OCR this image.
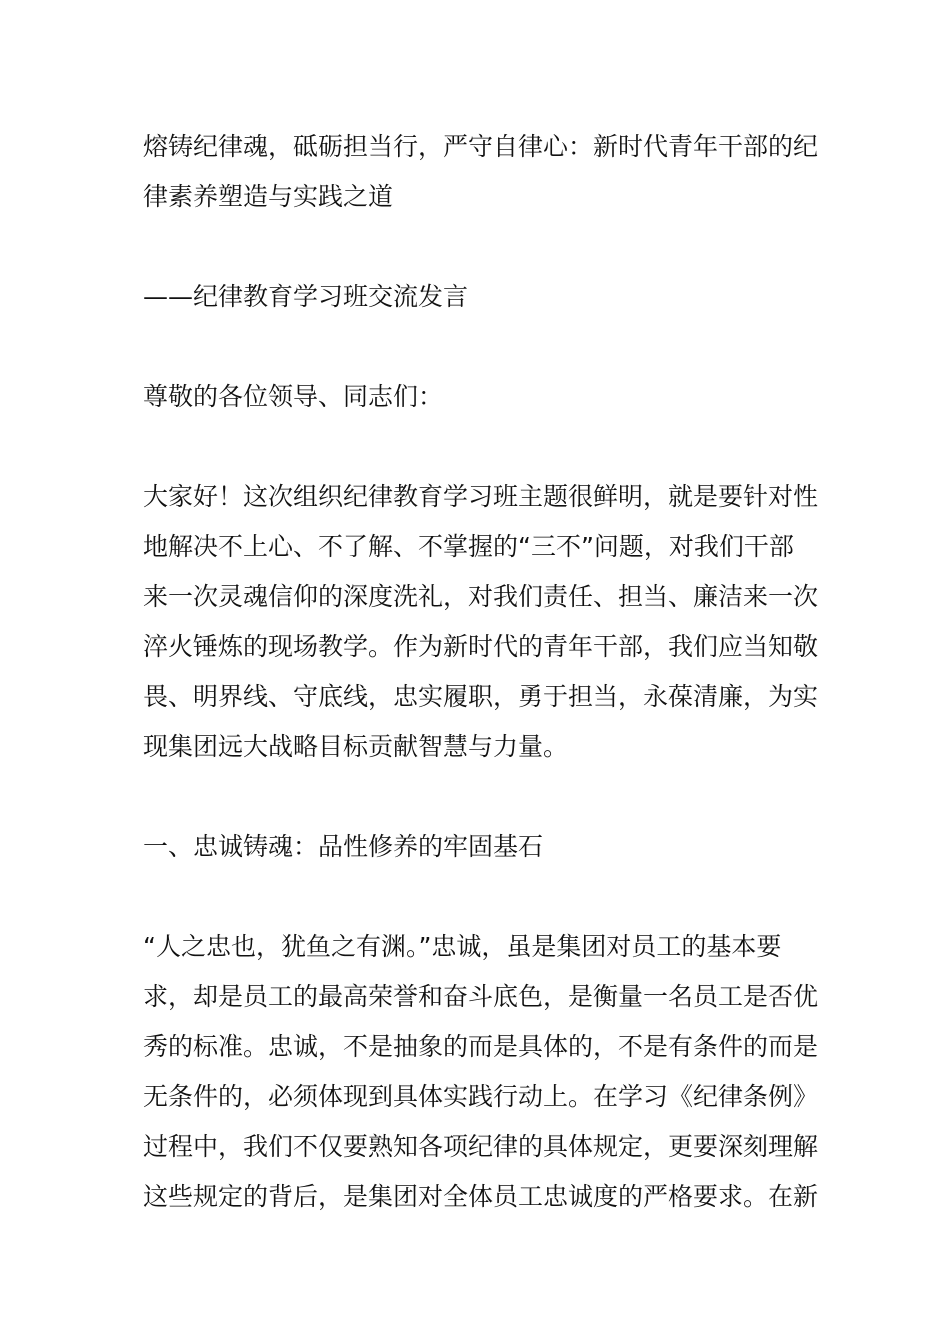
熔铸纪律魂，砥砺担当行，严守自律心：新时代青年干部的纪
律素养塑造与实践之道
——纪律教育学习班交流发言
尊敬的各位领导、同志们：
大家好！这次组织纪律教育学习班主题很鲜明，就是要针对性
地解决不上心、不了解、不掌握的“三不”问题，对我们干部
来一次灵魂信仰的深度洗礼，对我们责任、担当、廉洁来一次
淬火锤炼的现场教学。作为新时代的青年干部，我们应当知敬
畏、明界线、守底线，忠实履职，勇于担当，永葆清廉，为实
现集团远大战略目标贡献智慧与力量。
一、忠诚铸魂：品性修养的牢固基石
“人之忠也，犹鱼之有渊。”忠诚，虽是集团对员工的基本要
求，却是员工的最高荣誉和奋斗底色，是衡量一名员工是否优
秀的标准。忠诚，不是抽象的而是具体的，不是有条件的而是
无条件的，必须体现到具体实践行动上。在学习《纪律条例》
过程中，我们不仅要熟知各项纪律的具体规定，更要深刻理解
这些规定的背后，是集团对全体员工忠诚度的严格要求。在新
